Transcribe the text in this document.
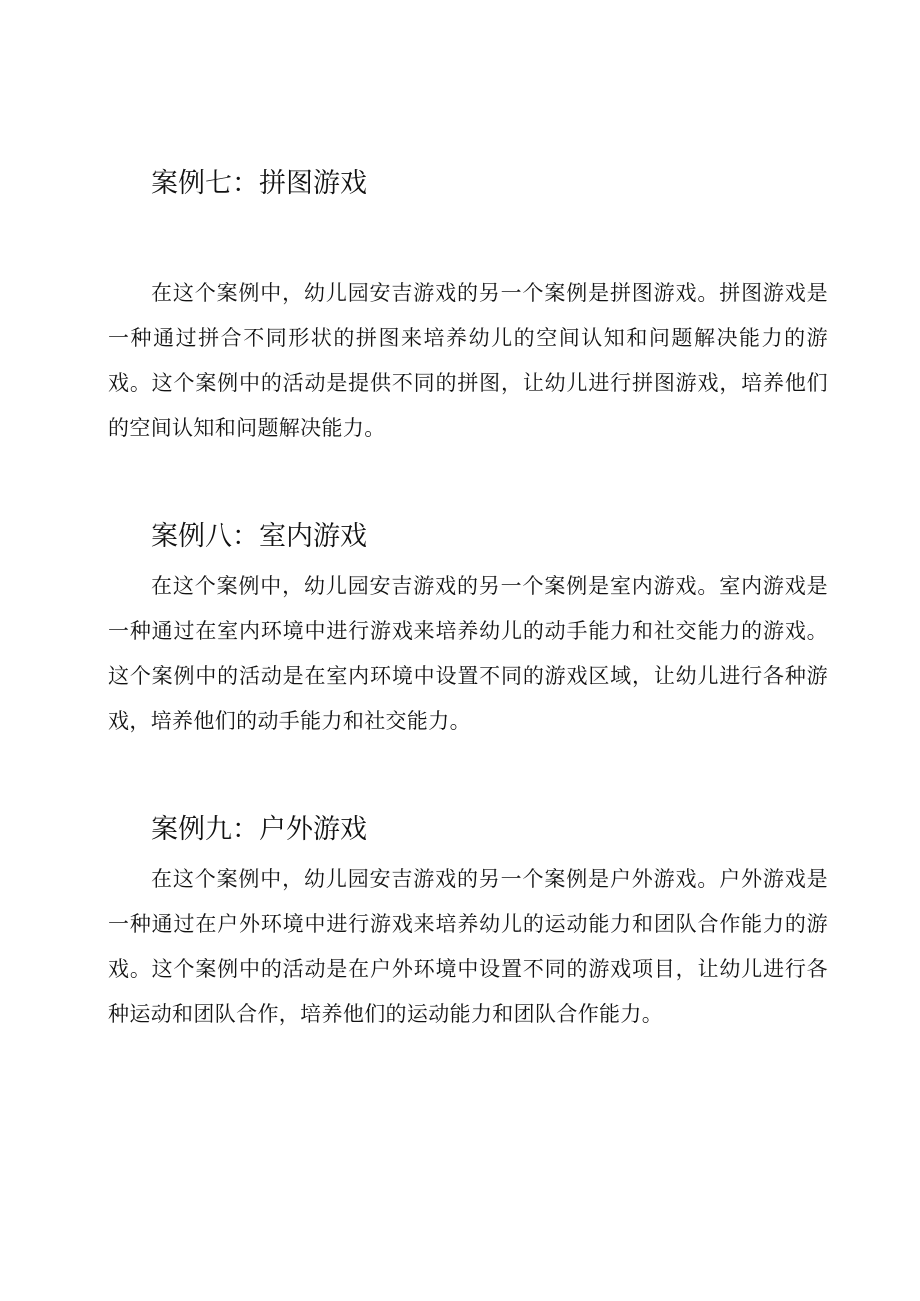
案例七：拼图游戏

在这个案例中，幼儿园安吉游戏的另一个案例是拼图游戏。拼图游戏是一种通过拼合不同形状的拼图来培养幼儿的空间认知和问题解决能力的游戏。这个案例中的活动是提供不同的拼图，让幼儿进行拼图游戏，培养他们的空间认知和问题解决能力。

案例八：室内游戏

在这个案例中，幼儿园安吉游戏的另一个案例是室内游戏。室内游戏是一种通过在室内环境中进行游戏来培养幼儿的动手能力和社交能力的游戏。这个案例中的活动是在室内环境中设置不同的游戏区域，让幼儿进行各种游戏，培养他们的动手能力和社交能力。

案例九：户外游戏

在这个案例中，幼儿园安吉游戏的另一个案例是户外游戏。户外游戏是一种通过在户外环境中进行游戏来培养幼儿的运动能力和团队合作能力的游戏。这个案例中的活动是在户外环境中设置不同的游戏项目，让幼儿进行各种运动和团队合作，培养他们的运动能力和团队合作能力。
